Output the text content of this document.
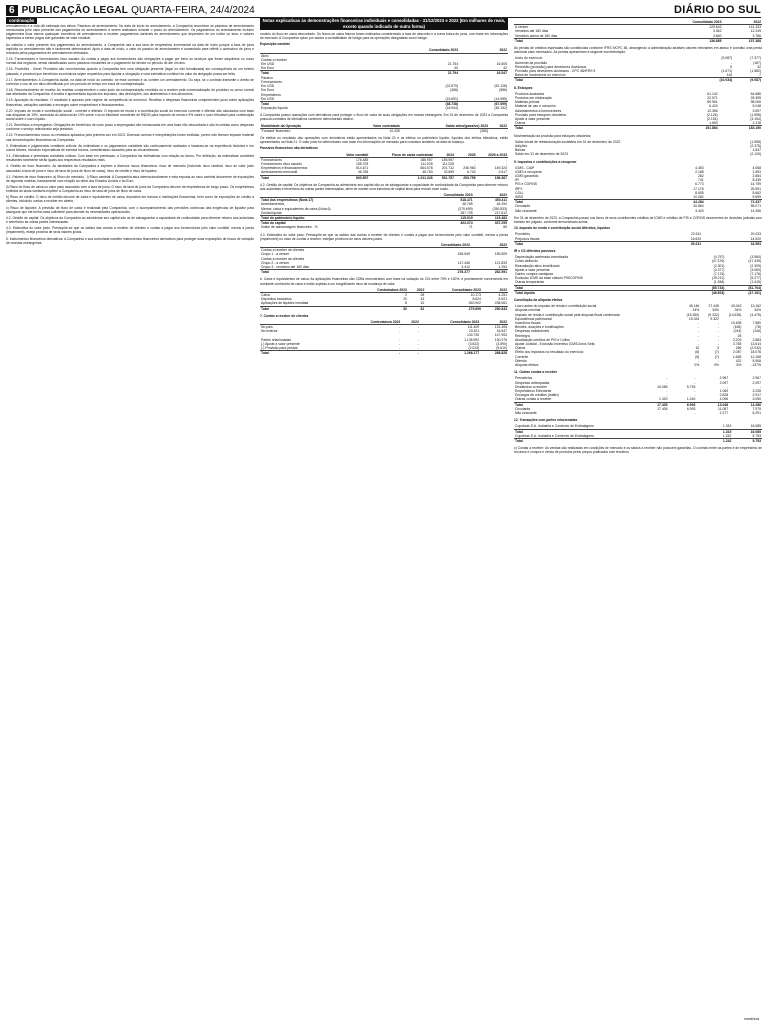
6 PUBLICAÇÃO LEGAL QUARTA-FEIRA, 24/4/2024	DIÁRIO DO SUL
continuação
arrendamento e a vida útil estimada dos ativos. Passivos de arrendamento: No data de início do arrendamento, a Companhia reconhece os passivos de arrendamento mensurados pelo valor presente dos pagamentos do arrendamento a serem realizados durante o prazo do arrendamento. Os pagamentos do arrendamento incluem pagamentos fixos menos quaisquer incentivos de arrendamento a receber, pagamentos variáveis de arrendamento que dependem de um índice ou taxa, e valores esperados a serem pagos sob garantias de valor residual.
Ao calcular o valor presente dos pagamentos do arrendamento, a Companhia usa a sua taxa de empréstimo incremental na data de início porque a taxa de juros implícita no arrendamento não é facilmente determinável. Após a data de início, o valor do passivo de arrendamento é aumentado para refletir o acréscimo de juros e reduzido pelos pagamentos de arrendamento efetuados.
2.15. Fornecedores e fornecedores risco sacado: As contas a pagar aos fornecedores são obrigações a pagar por bens ou serviços que foram adquiridos no curso normal dos negócios, sendo classificadas como passivos circulantes se o pagamento for devido no período de até um ano.
2.16. Provisões - Geral: Provisões são reconhecidas quando a Companhia tem uma obrigação presente (legal ou não formalizada) em consequência de um evento passado, é provável que benefícios econômicos sejam requeridos para liquidar a obrigação e uma estimativa confiável do valor da obrigação possa ser feita.
2.17. Arrendamentos: A Companhia avalia, na data de início do contrato, se esse contrato é ou contém um arrendamento. Ou seja, se o contrato transmite o direito de controlar o uso de um ativo identificado por um período de tempo em troca de contraprestação.
2.18. Reconhecimento de receita: As receitas compreendem o valor justo da contraprestação recebida ou a receber pela comercialização de produtos no curso normal das atividades da Companhia. A receita é apresentada líquida dos impostos, das devoluções, dos abatimentos e dos descontos.
2.19. Apuração do resultado: O resultado é apurado pelo regime de competência do exercício. Receitas e despesas financeiras compreendem juros sobre aplicações financeiras, variações cambiais e encargos sobre empréstimos e financiamentos.
2.20. Imposto de renda e contribuição social - corrente e diferido: O imposto de renda e a contribuição social do exercício corrente e diferido são calculados com base nas alíquotas de 15%, acrescida do adicional de 10% sobre o lucro tributável excedente de R$240 para imposto de renda e 9% sobre o lucro tributável para contribuição social sobre o lucro líquido.
2.21. Benefícios a empregados: Obrigações de benefícios de curto prazo a empregados são mensuradas em uma base não descontada e são incorridas como despesas conforme o serviço relacionado seja prestado.
2.22. Pronunciamentos novos ou revisados aplicados pela primeira vez em 2023: Diversas normas e interpretações foram emitidas, porém não tiveram impacto material nas demonstrações financeiras da Companhia.
3. Estimativas e julgamentos contábeis críticos: As estimativas e os julgamentos contábeis são continuamente avaliados e baseiam-se na experiência histórica e em outros fatores, incluindo expectativas de eventos futuros, consideradas razoáveis para as circunstâncias.
3.1. Estimativas e premissas contábeis críticas: Com base em premissas, a Companhia faz estimativas com relação ao futuro. Por definição, as estimativas contábeis resultantes raramente serão iguais aos respectivos resultados reais.
4. Gestão de risco financeiro: As atividades da Companhia a expõem a diversos riscos financeiros: risco de mercado (incluindo risco cambial, risco do valor justo associado à taxa de juros e risco de taxa de juros de fluxo de caixa), risco de crédito e risco de liquidez.
4.1. Fatores de risco financeiro: a) Risco de mercado - i) Risco cambial: A Companhia atua internacionalmente e está exposta ao risco cambial decorrente de exposições de algumas moedas, basicamente com relação ao dólar dos Estados Unidos e ao Euro.
ii) Risco do fluxo de caixa ou valor justo associado com a taxa de juros: O risco de taxa de juros da Companhia decorre de empréstimos de longo prazo. Os empréstimos emitidos às taxas variáveis expõem a Companhia ao risco de taxa de juros de fluxo de caixa.
b) Risco de crédito: O risco de crédito decorre de caixa e equivalentes de caixa, depósitos em bancos e instituições financeiras, bem como de exposições de crédito a clientes, incluindo contas a receber em aberto.
c) Risco de liquidez: A previsão de fluxo de caixa é realizada pela Companhia, com o acompanhamento das previsões contínuas das exigências de liquidez para assegurar que ela tenha caixa suficiente para atender às necessidades operacionais.
4.2. Gestão de capital: Os objetivos da Companhia ao administrar seu capital são os de salvaguardar a capacidade de continuidade para oferecer retorno aos acionistas e benefícios às outras partes interessadas.
4.3. Estimativa do valor justo: Pressupõe-se que os saldos das contas a receber de clientes e contas a pagar aos fornecedores pelo valor contábil, menos a perda (impairment), esteja próxima de seus valores justos.
5. Instrumentos financeiros derivativos: A Companhia e sua controlada mantêm instrumentos financeiros derivativos para proteger suas exposições de riscos de variação de moedas estrangeiras.
Notas explicativas às demonstrações financeiras individuais e consolidadas - 31/12/2023 e 2022 (Em milhares de reais, exceto quando indicado de outra forma)
modelo do fluxo de caixa descontado. Os fluxos de caixa futuros foram estimados considerando a taxa de desconto e a curva futura de juros, com base em informações de mercado. A Companhia optou por adotar a contabilidade de hedge para as operações designadas como hedge.
Exposição cambial
	Consolidado 2023	2022
Ativo		
Contas a receber		
Em USD	21.754	16.505
Em Euro	40	42
Total	21.794	16.547
Passivo		
Fornecedores		
Em USD	(22.679)	(52.128)
Em Euro	(368)	(586)
Empréstimos		
Em USD	(15.691)	(14.985)
Total	(38.738)	(67.699)
Exposição líquida	(16.944)	(48.152)
A Companhia possui operações com derivativos para proteger o fluxo de caixa de suas obrigações em moeda estrangeira. Em 31 de dezembro de 2023 a Companhia possuía contratos de derivativos conforme demonstrado abaixo:
Modalidade da Operação	Valor contratado	Saldo ativo/(passivo) 2023	2022
'Forward' financeiro	10.435	(365)	-
Os efeitos no resultado das operações com derivativos estão apresentados na Nota 24 e os efeitos no patrimônio líquido, líquidos dos efeitos tributários, estão apresentados na Nota 21. O valor justo foi determinado com base em informações de mercado para contratos similares na data do balanço.
Passivos financeiros não derivativos
	Valor contábil	Fluxo de caixa contratual	2024	2025	2026 a 2033
Fornecedores	176.485	186.957	186.957	-	-
Fornecedores risco sacado	155.378	111.028	111.028	-	-
Empréstimos e financiamentos	514.671	664.578	201.712	246.983	149.323
Arrendamento mercantil	46.765	48.763	32.659	6.743	2.617
Total	893.597	1.011.326	531.757	253.755	156.367
4.2. Gestão de capital: Os objetivos da Companhia ao administrar seu capital são os de salvaguardar a capacidade de continuidade da Companhia para oferecer retorno aos acionistas e benefícios às outras partes interessadas, além de manter uma estrutura de capital ideal para reduzir esse custo.
	Consolidado 2023	2022
Total dos empréstimos (Nota 17)	518.471	450.411
Arrendamentos	48.765	46.294
Menos: caixa e equivalentes de caixa (Nota 6)	(279.699)	(250.833)
Dívida líquida	287.705	217.812
Total do patrimônio líquido	115.019	119.483
Total do capital	403.374	337.295
Índice de alavancagem financeira - %	71	65
4.3. Estimativa do valor justo: Pressupõe-se que os saldos das contas a receber de clientes e contas a pagar aos fornecedores pelo valor contábil, menos a perda (impairment) no caso de contas a receber, estejam próximos de seus valores justos.
	Consolidado 2023	2022
Contas a receber de clientes		
Grupo 1 - a vencer	155.549	159.509
Contas a receber de clientes		
Grupo 2 - a vencer	117.446	121.833
Grupo 3 - vencidos até 180 dias	3.412	1.254
Total	276.377	282.591
6. Caixa e equivalentes de caixa: As aplicações financeiras são CDBs remunerados com base na variação do CDI entre 75% e 100%, e prontamente conversíveis em montante conhecido de caixa e estão sujeitas a um insignificante risco de mudança de valor.
	Controladora 2023	2022	Consolidado 2023	2022
Caixa	2	28	10.173	4.251
Depósitos bancários	20	43	8.624	8.521
Aplicações de liquidez imediata	8	10	260.902	238.061
Total	30	81	279.699	250.833
7. Contas a receber de clientes
	Controladora 2023	2022	Consolidado 2023	2022
No país	-	-	111.409	131.406
No exterior	-	-	23.321	16.547
			134.730	147.953
Partes relacionadas	-	-	1.136.992	130.075
(-) Ajuste a valor presente	-	-	(3.522)	(3.590)
(-) Provisão para perdas	-	-	(2.023)	(5.610)
Total	-	-	1.266.177	268.828
	Consolidado 2023	2022
A vencer	129.843	141.333
Vencidos até 180 dias	3.362	12.249
Vencidos acima de 180 dias	3.660	3.786
Total	136.865	157.368
As perdas de créditos esperadas são constituídas conforme IFRS 9/CPC 48, abrangendo a administração analises valores relevantes em atraso e constitui uma perda adicional caso necessário. As perdas apresentam a seguinte movimentação:
Início do exercício	(9.087)	(7.377)
Aumento da provisão	-	(167)
Reversão (provisão) para devedores duvidosos	6	32
Provisão para devedores duvidosos - CPC 48/IFRS 9	(1.671)	(1.582)
Baixa de incobráveis no exercício	116	7
Total	(10.034)	(9.087)
8. Estoques
Produtos acabados	61.142	64.686
Produtos em elaboração	22.571	25.395
Matérias-primas	89.951	98.006
Material de uso e consumo	6.424	5.048
Adiantamentos a fornecedores	12.366	3.597
Provisão para estoques obsoletos	(2.126)	(1.598)
Ajuste a valor presente	(2.154)	(3.154)
Outros	1.650	2.216
Total	191.864	183.190
Movimentação da provisão para estoques obsoletos:
Saldo inicial de reestruturação societária em 31 de dezembro de 2022	(1.598)
Adições	(2.375)
Baixas	1.847
Saldo em 31 de dezembro de 2023	(2.126)
9. Impostos e contribuições a recuperar
ICMS - CIAP	4.453	4.068
ICMS a recuperar	2.168	1.593
ICMS garantido	282	2.654
IPI	741	8.439
PIS e COFINS	6.773	14.759
IRPJ	17.176	26.591
CSLL	8.605	8.662
INSS	10.082	5.699
Total	44.284	72.337
Circulante	40.864	58.071
Não circulante	3.420	14.266
Em 31 de dezembro de 2023, a Companhia possui nos livros de seus contribuintes créditos de ICMS e créditos de PIS e COFINS decorrentes de decisões judiciais com trânsito em julgado, conforme demonstrado acima.
10. Imposto de renda e contribuição social diferidos, líquidos
Provisões	22.611	20.033
Prejuízos fiscais	16.620	14.520
Total	39.231	34.553
IR e CS diferidos passivos
Depreciação acelerada incentivada	(4.757)	(3.960)
Custo atribuído	(47.376)	(47.439)
Reavaliação ativo imobilizado	(2.301)	(2.309)
Ajuste a valor presente	(3.377)	(3.060)
Ganho compra vantajosa	(7.176)	(7.176)
Exclusão ICMS da base cálculo PIS/COFINS	(19.211)	(9.277)
Outras temporárias	(1.456)	(1.415)
Total	(85.734)	(81.704)
Total líquido	(46.503)	(47.151)
Conciliação da alíquota efetiva
Lucro antes do imposto de renda e contribuição social	45.146	27.448	43.043	13.162
Alíquota nominal	34%	34%	34%	34%
Imposto de renda e contribuição social pela alíquota fiscal combinada	(15.350)	(9.332)	(14.635)	(4.475)
Equivalência patrimonial	15.334	9.322	-	-
Incentivos fiscais	-	-	10.635	7.580
Brindes, doações e bonificações	-	-	(165)	(78)
Despesas indedutíveis	-	-	(243)	(146)
Reintegra	-	-	25	-
Atualização créditos de PIS e Cofins	-	-	2.203	2.883
Ajuste Judicial - Exclusão Incentivo ICMS/Juros Selic	-	-	3.765	13.614
Outros	10	3	266	(2.032)
Efeito dos impostos no resultado do exercício	(6)	(7)	2.087	18.076
Corrente	(6)	(7)	1.665	12.168
Diferido	-	-	422	5.908
Alíquota efetiva	0%	0%	-5%	-137%
11. Outras contas a receber
Precatórios	-	-	2.967	2.967
Despesas antecipadas	-	-	2.097	2.097
Dividendos a receber	16.085	5.753	-	-
Empréstimos Eletrobrás	-	-	1.060	3.235
Encargos de créditos (Inaltix)	-	-	2.828	2.917
Outras contas a receber	1.320	1.240	4.096	3.050
Total	17.405	6.993	13.048	14.266
Circulante	17.405	6.993	11.087	7.975
Não circulante	-	-	2.277	6.291
12. Transações com partes relacionadas
Copobras S.A. Indústria e Comércio de Embalagens	1.319	16.085
Total	1.319	16.085
Copobras S.A. Indústria e Comércio de Embalagens	1.242	5.753
Total	1.242	5.753
c) Contas a receber: As vendas são realizadas em condições de mercado e os saldos a receber não possuem garantias. O contrato entre as partes é de empréstimo de recursos e compra e venda de produtos pelos preços praticados com terceiros.
continua
